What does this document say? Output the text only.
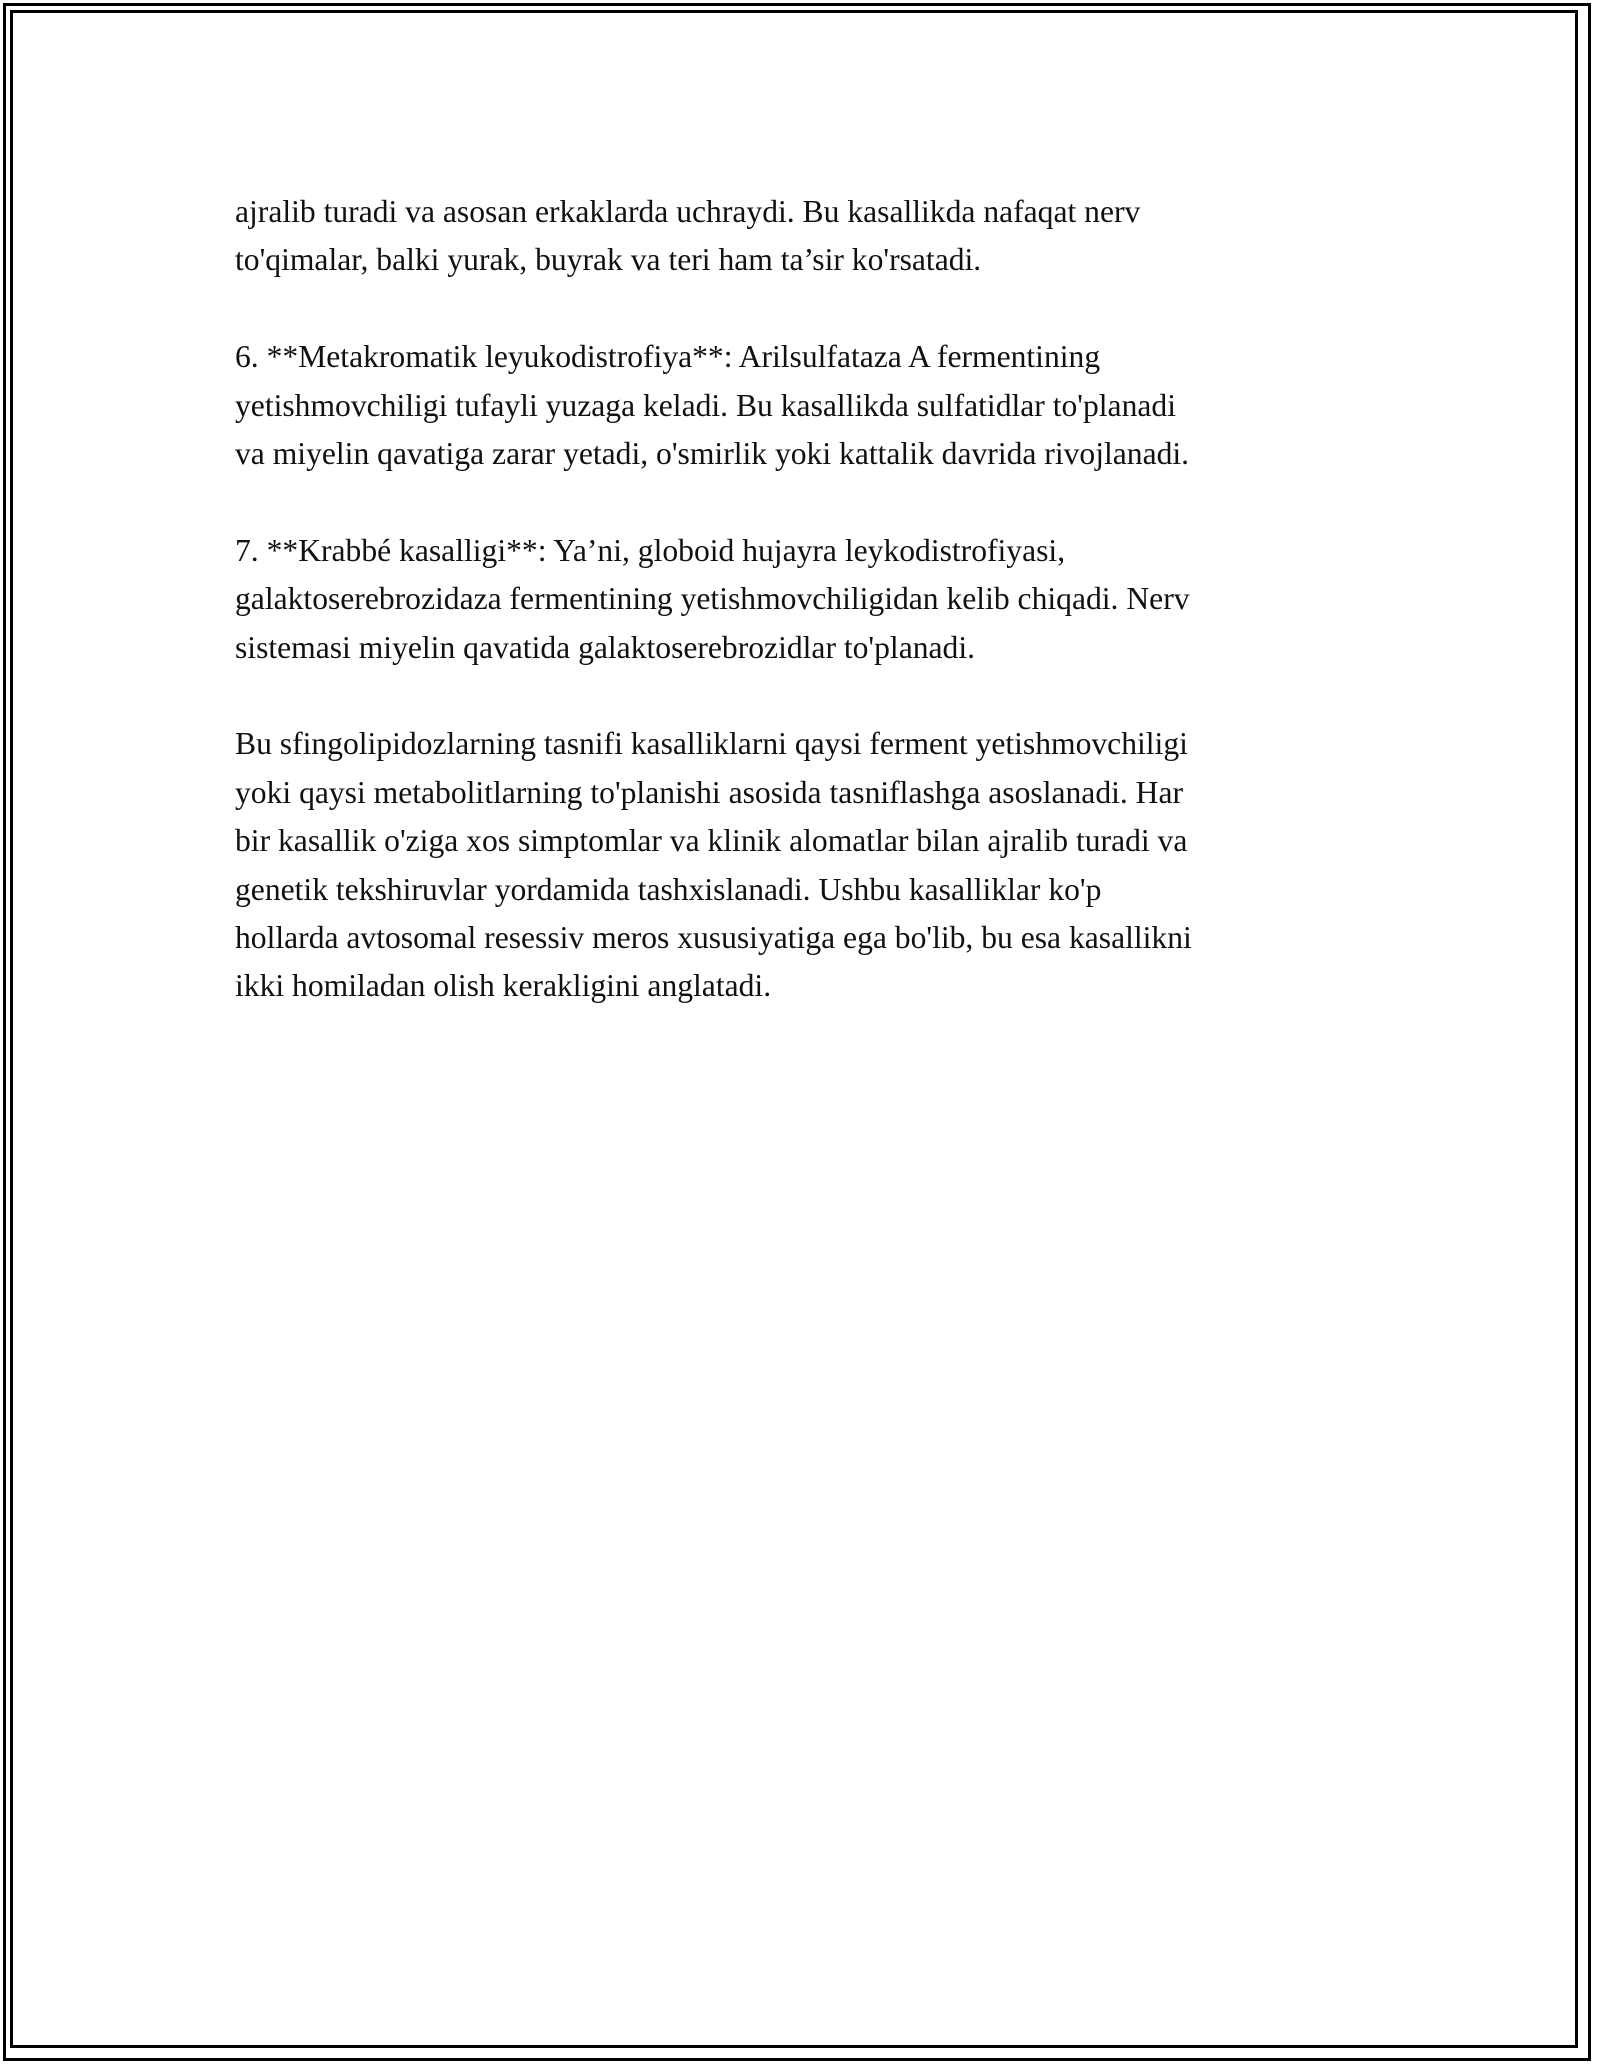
ajralib turadi va asosan erkaklarda uchraydi. Bu kasallikda nafaqat nerv
to'qimalar, balki yurak, buyrak va teri ham ta’sir ko'rsatadi.

6. **Metakromatik leyukodistrofiya**: Arilsulfataza A fermentining
yetishmovchiligi tufayli yuzaga keladi. Bu kasallikda sulfatidlar to'planadi
va miyelin qavatiga zarar yetadi, o'smirlik yoki kattalik davrida rivojlanadi.

7. **Krabbé kasalligi**: Ya’ni, globoid hujayra leykodistrofiyasi,
galaktoserebrozidaza fermentining yetishmovchiligidan kelib chiqadi. Nerv
sistemasi miyelin qavatida galaktoserebrozidlar to'planadi.

Bu sfingolipidozlarning tasnifi kasalliklarni qaysi ferment yetishmovchiligi
yoki qaysi metabolitlarning to'planishi asosida tasniflashga asoslanadi. Har
bir kasallik o'ziga xos simptomlar va klinik alomatlar bilan ajralib turadi va
genetik tekshiruvlar yordamida tashxislanadi. Ushbu kasalliklar ko'p
hollarda avtosomal resessiv meros xususiyatiga ega bo'lib, bu esa kasallikni
ikki homiladan olish kerakligini anglatadi.
